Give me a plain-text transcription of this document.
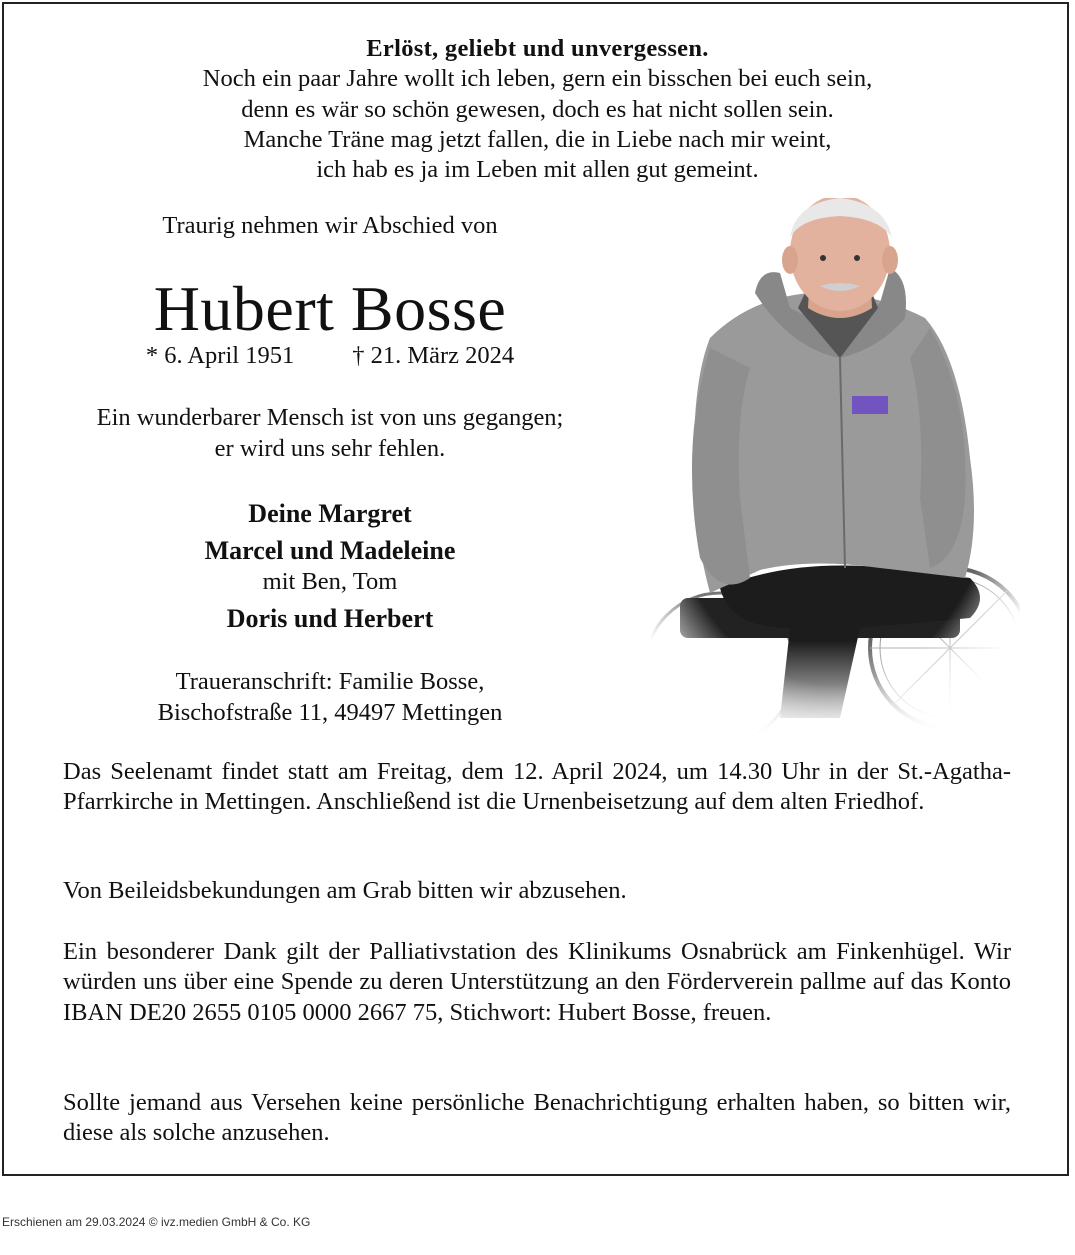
Erlöst, geliebt und unvergessen.
Noch ein paar Jahre wollt ich leben, gern ein bisschen bei euch sein,
denn es wär so schön gewesen, doch es hat nicht sollen sein.
Manche Träne mag jetzt fallen, die in Liebe nach mir weint,
ich hab es ja im Leben mit allen gut gemeint.
Traurig nehmen wir Abschied von
Hubert Bosse
* 6. April 1951 † 21. März 2024
Ein wunderbarer Mensch ist von uns gegangen;
er wird uns sehr fehlen.
Deine Margret
Marcel und Madeleine
mit Ben, Tom
Doris und Herbert
Traueranschrift: Familie Bosse,
Bischofstraße 11, 49497 Mettingen
Das Seelenamt findet statt am Freitag, dem 12. April 2024, um 14.30 Uhr in der St.-Agatha-Pfarrkirche in Mettingen. Anschließend ist die Urnenbeisetzung auf dem alten Friedhof.
Von Beileidsbekundungen am Grab bitten wir abzusehen.
Ein besonderer Dank gilt der Palliativstation des Klinikums Osnabrück am Finkenhügel. Wir würden uns über eine Spende zu deren Unterstützung an den Förderverein pallme auf das Konto IBAN DE20 2655 0105 0000 2667 75, Stichwort: Hubert Bosse, freuen.
Sollte jemand aus Versehen keine persönliche Benachrichtigung erhalten haben, so bitten wir, diese als solche anzusehen.
Erschienen am 29.03.2024 © ivz.medien GmbH & Co. KG
